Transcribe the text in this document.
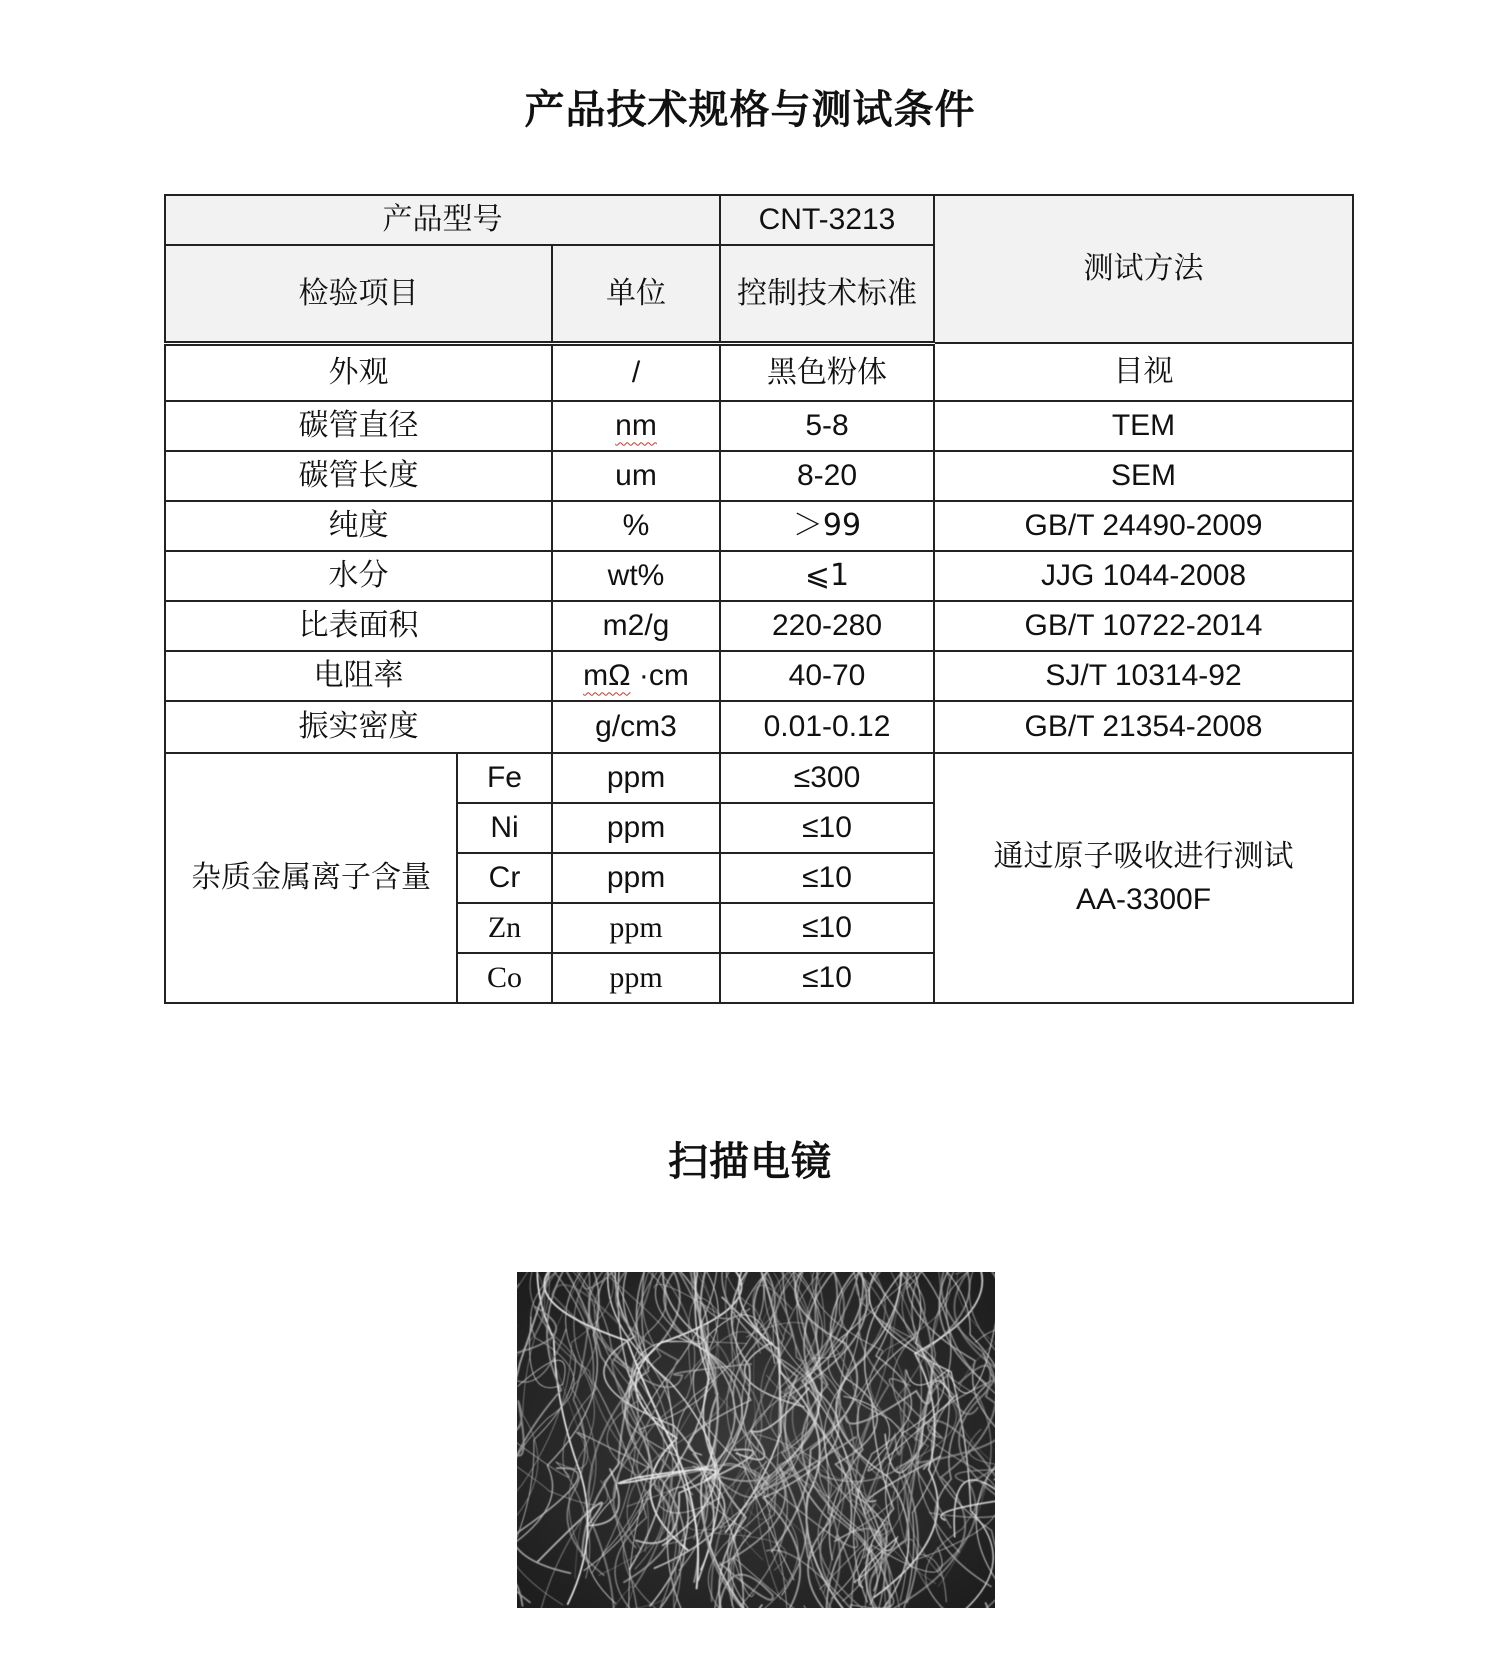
产品技术规格与测试条件
产品型号			CNT-3213	测试方法
检验项目		单位	控制技术标准	
外观		/	黑色粉体	目视
碳管直径		nm	5-8	TEM
碳管长度		um	8-20	SEM
纯度		%	＞99	GB/T 24490-2009
水分		wt%	⩽1	JJG 1044-2008
比表面积		m2/g	220-280	GB/T 10722-2014
电阻率		mΩ ·cm	40-70	SJ/T 10314-92
振实密度		g/cm3	0.01-0.12	GB/T 21354-2008
杂质金属离子含量	Fe	ppm	≤300	通过原子吸收进行测试
AA-3300F

	Ni	ppm	≤10	
	Cr	ppm	≤10	
	Zn	ppm	≤10	
	Co	ppm	≤10	
扫描电镜
